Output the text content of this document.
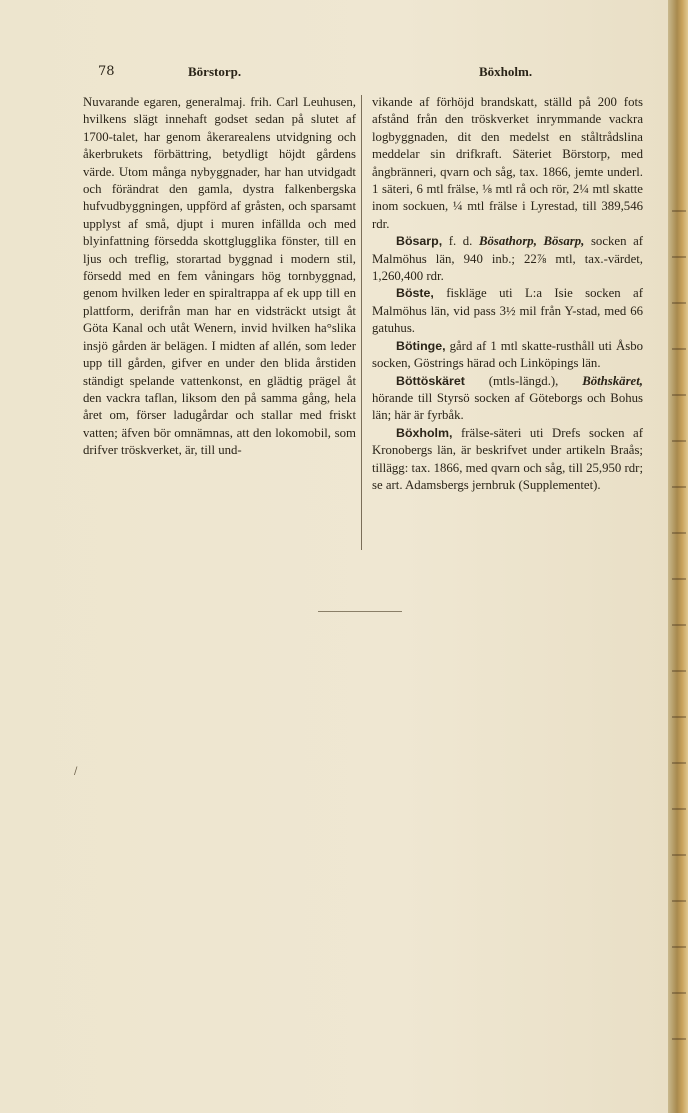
78	Börstorp.	Böxholm.

Nuvarande egaren, generalmaj. frih. Carl Leuhusen, hvilkens slägt innehaft godset sedan på slutet af 1700-talet, har genom åkerarealens utvidgning och åkerbrukets förbättring, betydligt höjdt gårdens värde. Utom många nybyggnader, har han utvidgadt och förändrat den gamla, dystra falkenbergska hufvudbyggningen, uppförd af gråsten, och sparsamt upplyst af små, djupt i muren infällda och med blyinfattning försedda skottglugglika fönster, till en ljus och treflig, storartad byggnad i modern stil, försedd med en fem våningars hög tornbyggnad, genom hvilken leder en spiraltrappa af ek upp till en plattform, derifrån man har en vidsträckt utsigt åt Göta Kanal och utåt Wenern, invid hvilken ha°slika insjö gården är belägen. I midten af allén, som leder upp till gården, gifver en under den blida årstiden ständigt spelande vattenkonst, en glädtig prägel åt den vackra taflan, liksom den på samma gång, hela året om, förser ladugårdar och stallar med friskt vatten; äfven bör omnämnas, att den lokomobil, som drifver tröskverket, är, till und-

vikande af förhöjd brandskatt, ställd på 200 fots afstånd från den tröskverket inrymmande vackra logbyggnaden, dit den medelst en ståltrådslina meddelar sin drifkraft. Säteriet Börstorp, med ångbränneri, qvarn och såg, tax. 1866, jemte underl. 1 säteri, 6 mtl frälse, ⅛ mtl rå och rör, 2¼ mtl skatte inom sockuen, ¼ mtl frälse i Lyrestad, till 389,546 rdr.

Bösarp, f. d. Bösathorp, Bösarp, socken af Malmöhus län, 940 inb.; 22⅞ mtl, tax.-värdet, 1,260,400 rdr.

Böste, fiskläge uti L:a Isie socken af Malmöhus län, vid pass 3½ mil från Y-stad, med 66 gatuhus.

Bötinge, gård af 1 mtl skatte-rusthåll uti Åsbo socken, Göstrings härad och Linköpings län.

Böttöskäret (mtls-längd.), Böthskäret, hörande till Styrsö socken af Göteborgs och Bohus län; här är fyrbåk.

Böxholm, frälse-säteri uti Drefs socken af Kronobergs län, är beskrifvet under artikeln Braås; tillägg: tax. 1866, med qvarn och såg, till 25,950 rdr; se art. Adamsbergs jernbruk (Supplementet).

/
